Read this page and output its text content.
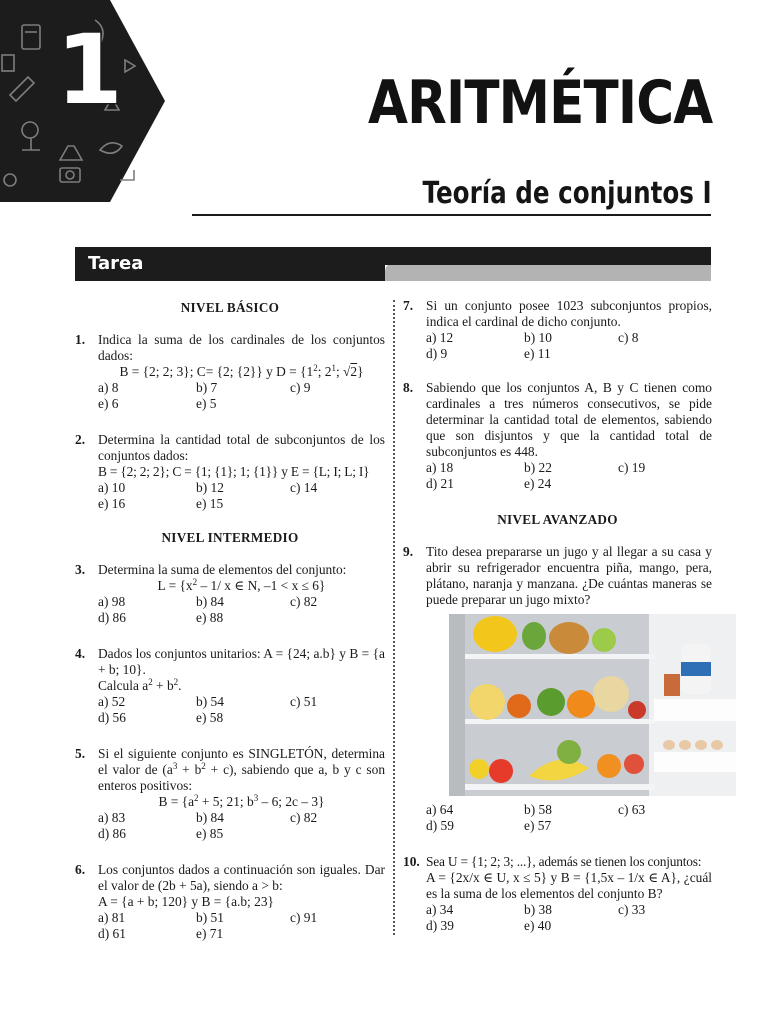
1	ARITMÉTICA
Teoría de conjuntos I
Tarea
NIVEL BÁSICO
1. Indica la suma de los cardinales de los conjuntos dados:
B = {2; 2; 3}; C= {2; {2}} y $D = \{1^2$; $2^1$; √2}
a) 8	b) 7	c) 9
e) 6	e) 5
2. Determina la cantidad total de subconjuntos de los conjuntos dados:
B = {2; 2; 2}; C = {1; {1}; 1; {1}} y E = {L; I; L; I}
a) 10	b) 12	c) 14
e) 16	e) 15
NIVEL INTERMEDIO
3. Determina la suma de elementos del conjunto:
$L = \{x^2 - 1/$ x ∈ N, –1 < x ≤ 6}
a) 98	b) 84	c) 82
d) 86	e) 88
4. Dados los conjuntos unitarios: A = {24; a.b} y B = {a + b; 10}.
Calcula $a^2 + b^2$.
a) 52	b) 54	c) 51
d) 56	e) 58
5. Si el siguiente conjunto es SINGLETÓN, determina el valor de $(a^3 + b^2 + c)$, sabiendo que a, b y c son enteros positivos:
$B = \{a^2 + 5$; 21; $b^3 - 6$; 2c – 3}
a) 83	b) 84	c) 82
d) 86	e) 85
6. Los conjuntos dados a continuación son iguales. Dar el valor de (2b + 5a), siendo a > b:
A = {a + b; 120} y B = {a.b; 23}
a) 81	b) 51	c) 91
d) 61	e) 71
7. Si un conjunto posee 1023 subconjuntos propios, indica el cardinal de dicho conjunto.
a) 12	b) 10	c) 8
d) 9	e) 11
8. Sabiendo que los conjuntos A, B y C tienen como cardinales a tres números consecutivos, se pide determinar la cantidad total de elementos, sabiendo que son disjuntos y que la cantidad total de subconjuntos es 448.
a) 18	b) 22	c) 19
d) 21	e) 24
NIVEL AVANZADO
9. Tito desea prepararse un jugo y al llegar a su casa y abrir su refrigerador encuentra piña, mango, pera, plátano, naranja y manzana. ¿De cuántas maneras se puede preparar un jugo mixto?
a) 64	b) 58	c) 63
d) 59	e) 57
10. Sea U = {1; 2; 3; ...}, además se tienen los conjuntos:
A = {2x/x ∈ U, x ≤ 5} y B = {1,5x – 1/x ∈ A}, ¿cuál es la suma de los elementos del conjunto B?
a) 34	b) 38	c) 33
d) 39	e) 40
